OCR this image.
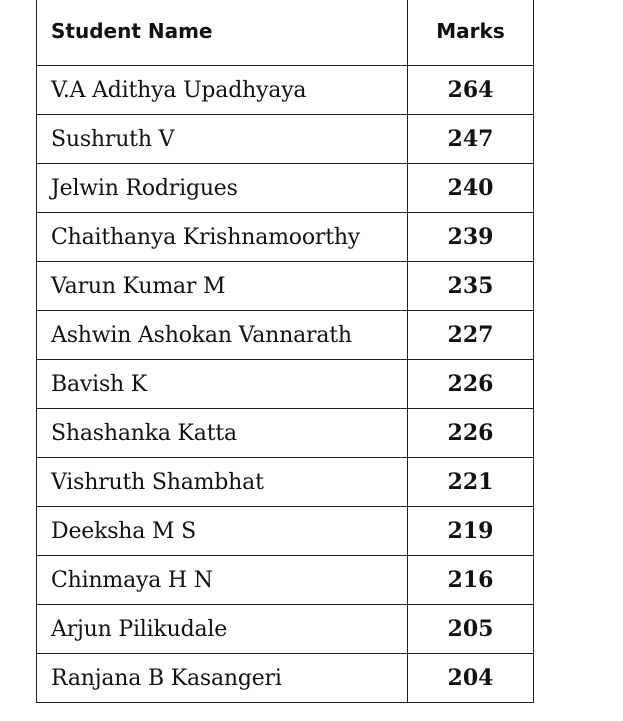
Student Name	Marks
V.A Adithya Upadhyaya	264
Sushruth V	247
Jelwin Rodrigues	240
Chaithanya Krishnamoorthy	239
Varun Kumar M	235
Ashwin Ashokan Vannarath	227
Bavish K	226
Shashanka Katta	226
Vishruth Shambhat	221
Deeksha M S	219
Chinmaya H N	216
Arjun Pilikudale	205
Ranjana B Kasangeri	204
